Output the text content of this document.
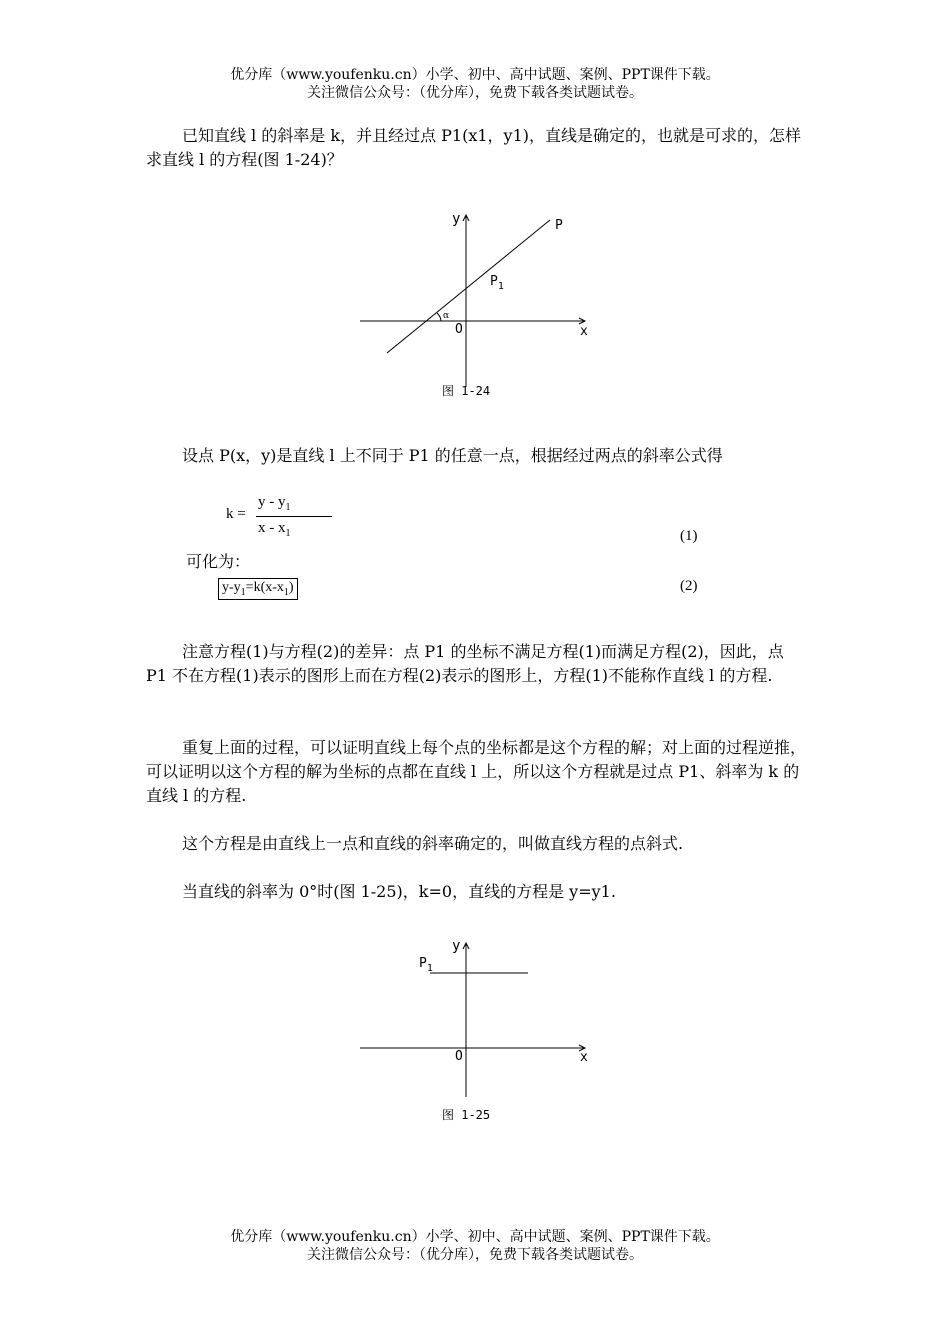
优分库（www.youfenku.cn）小学、初中、高中试题、案例、PPT课件下载。
关注微信公众号：（优分库），免费下载各类试题试卷。

已知直线 l 的斜率是 k，并且经过点 P1(x1，y1)，直线是确定的，也就是可求的，怎样求直线 l 的方程(图 1-24)？

α
y
x
O
P
$P_1$
图 1-24

设点 P(x，y)是直线 l 上不同于 P1 的任意一点，根据经过两点的斜率公式得

k =
y - $y_1$
x - $x_1$	(1)

可化为：

$y-y_1=k(x-x_1)$	(2)

注意方程(1)与方程(2)的差异：点 P1 的坐标不满足方程(1)而满足方程(2)，因此，点 P1 不在方程(1)表示的图形上而在方程(2)表示的图形上，方程(1)不能称作直线 l 的方程.

重复上面的过程，可以证明直线上每个点的坐标都是这个方程的解；对上面的过程逆推，可以证明以这个方程的解为坐标的点都在直线 l 上，所以这个方程就是过点 P1、斜率为 k 的直线 l 的方程.

这个方程是由直线上一点和直线的斜率确定的，叫做直线方程的点斜式.

当直线的斜率为 0°时(图 1-25)，k=0，直线的方程是 y=y1.

y
x
O
$P_1$
图 1-25
优分库（www.youfenku.cn）小学、初中、高中试题、案例、PPT课件下载。
关注微信公众号：（优分库），免费下载各类试题试卷。
